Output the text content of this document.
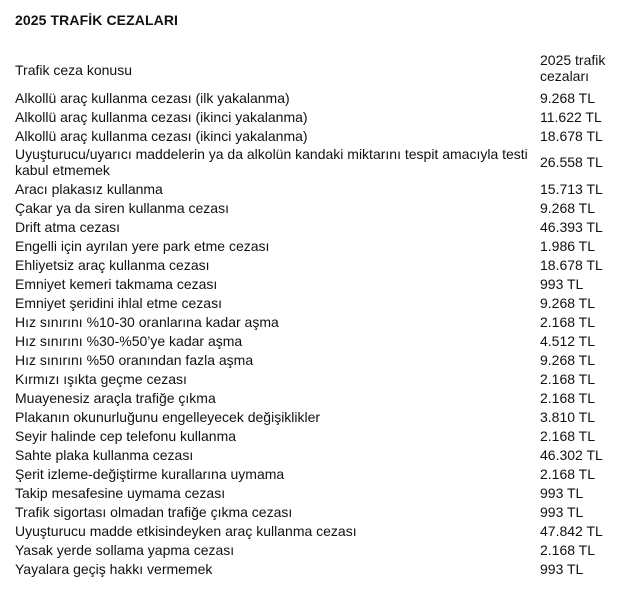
2025 TRAFİK CEZALARI
Trafik ceza konusu	2025 trafik cezaları
Alkollü araç kullanma cezası (ilk yakalanma)	9.268 TL
Alkollü araç kullanma cezası (ikinci yakalanma)	11.622 TL
Alkollü araç kullanma cezası (ikinci yakalanma)	18.678 TL
Uyuşturucu/uyarıcı maddelerin ya da alkolün kandaki miktarını tespit amacıyla testi kabul etmemek	26.558 TL
Aracı plakasız kullanma	15.713 TL
Çakar ya da siren kullanma cezası	9.268 TL
Drift atma cezası	46.393 TL
Engelli için ayrılan yere park etme cezası	1.986 TL
Ehliyetsiz araç kullanma cezası	18.678 TL
Emniyet kemeri takmama cezası	993 TL
Emniyet şeridini ihlal etme cezası	9.268 TL
Hız sınırını %10-30 oranlarına kadar aşma	2.168 TL
Hız sınırını %30-%50’ye kadar aşma	4.512 TL
Hız sınırını %50 oranından fazla aşma	9.268 TL
Kırmızı ışıkta geçme cezası	2.168 TL
Muayenesiz araçla trafiğe çıkma	2.168 TL
Plakanın okunurluğunu engelleyecek değişiklikler	3.810 TL
Seyir halinde cep telefonu kullanma	2.168 TL
Sahte plaka kullanma cezası	46.302 TL
Şerit izleme-değiştirme kurallarına uymama	2.168 TL
Takip mesafesine uymama cezası	993 TL
Trafik sigortası olmadan trafiğe çıkma cezası	993 TL
Uyuşturucu madde etkisindeyken araç kullanma cezası	47.842 TL
Yasak yerde sollama yapma cezası	2.168 TL
Yayalara geçiş hakkı vermemek	993 TL
